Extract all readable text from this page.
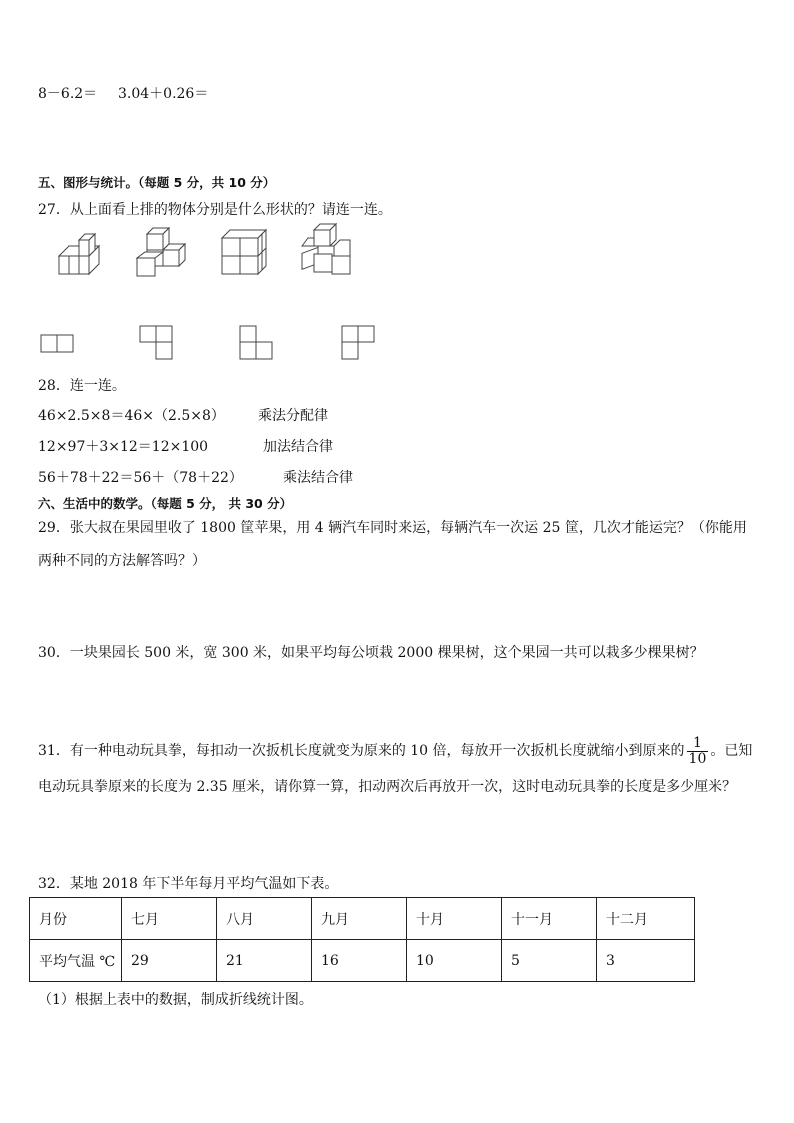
8－6.2＝ 3.04＋0.26＝
五、图形与统计。（每题 5 分，共 10 分）
27．从上面看上排的物体分别是什么形状的？请连一连。
28．连一连。
46×2.5×8＝46×（2.5×8） 乘法分配律
12×97＋3×12＝12×100	加法结合律
56＋78＋22＝56＋（78＋22）	乘法结合律
六、生活中的数学。（每题 5 分， 共 30 分）
29．张大叔在果园里收了 1800 筐苹果，用 4 辆汽车同时来运，每辆汽车一次运 25 筐，几次才能运完？（你能用两种不同的方法解答吗？）
30．一块果园长 500 米，宽 300 米，如果平均每公顷栽 2000 棵果树，这个果园一共可以栽多少棵果树？
31．有一种电动玩具拳，每扣动一次扳机长度就变为原来的 10 倍，每放开一次扳机长度就缩小到原来的 $\frac{1}{10}$ 。已知电动玩具拳原来的长度为 2.35 厘米，请你算一算，扣动两次后再放开一次，这时电动玩具拳的长度是多少厘米？
32．某地 2018 年下半年每月平均气温如下表。
月份	七月	八月	九月	十月	十一月	十二月
平均气温 ℃	29	21	16	10	5	3
（1）根据上表中的数据，制成折线统计图。
